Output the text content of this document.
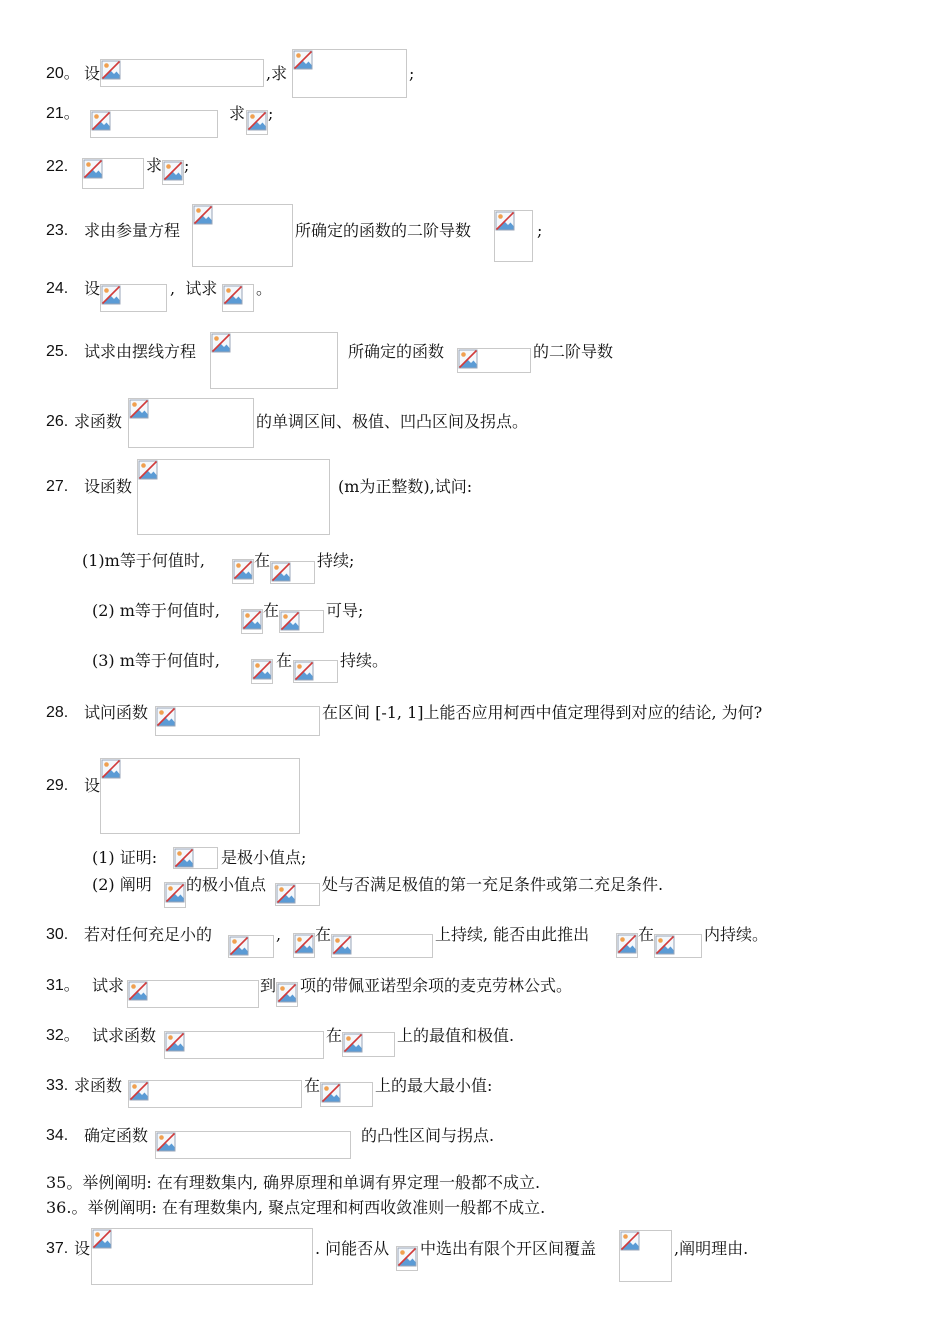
20。 设	,求	;
21。	求 ;
22.	求 ;
23. 求由参量方程	所确定的函数的二阶导数	;
24. 设	,  试求 。
25. 试求由摆线方程	所确定的函数	的二阶导数
26. 求函数	的单调区间、极值、凹凸区间及拐点。
27. 设函数	(m为正整数),试问:
(1)m等于何值时,	在	持续;
(2) m等于何值时,	在	可导;
(3) m等于何值时,	在	持续。
28. 试问函数	在区间 [-1, 1]上能否应用柯西中值定理得到对应的结论, 为何?
29. 设
(1) 证明:	是极小值点;
(2) 阐明 的极小值点	处与否满足极值的第一充足条件或第二充足条件.
30. 若对任何充足小的	, 在	上持续, 能否由此推出	在	内持续。
31。 试求	到 项的带佩亚诺型余项的麦克劳林公式。
32。 试求函数	在	上的最值和极值.
33. 求函数	在	上的最大最小值:
34. 确定函数	的凸性区间与拐点.
35。举例阐明: 在有理数集内, 确界原理和单调有界定理一般都不成立.
36.。举例阐明: 在有理数集内, 聚点定理和柯西收敛准则一般都不成立.
37. 设	. 问能否从 中选出有限个开区间覆盖	,阐明理由.
